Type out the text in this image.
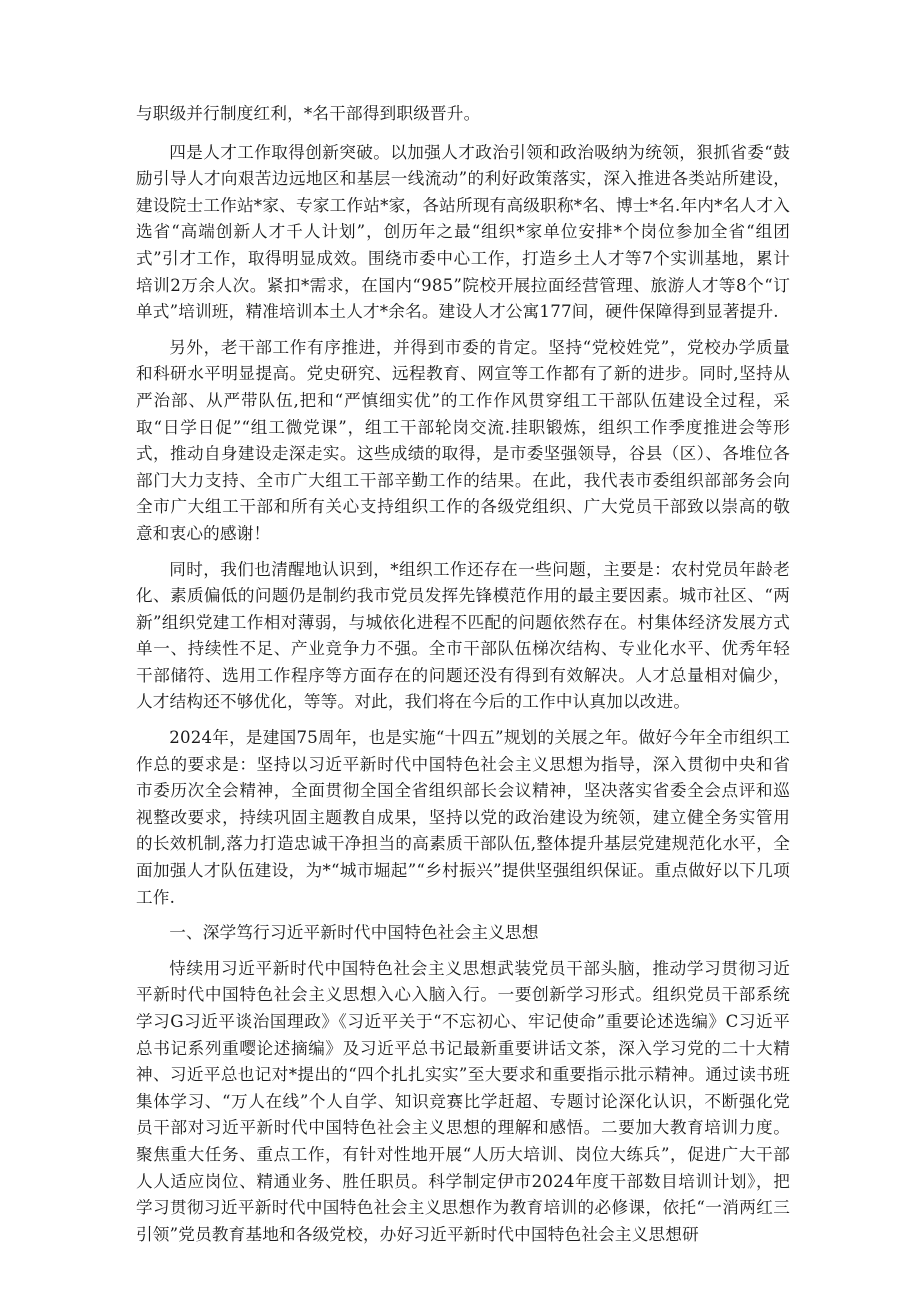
与职级并行制度红利，*名干部得到职级晋升。

四是人才工作取得创新突破。以加强人才政治引领和政治吸纳为统领，狠抓省委“鼓励引导人才向艰苦边远地区和基层一线流动”的利好政策落实，深入推进各类站所建设，建设院士工作站*家、专家工作站*家，各站所现有高级职称*名、博士*名.年内*名人才入选省“高端创新人才千人计划”，创历年之最“组织*家单位安排*个岗位参加全省“组团式”引才工作，取得明显成效。围绕市委中心工作，打造乡土人才等7个实训基地，累计培训2万余人次。紧扣*需求，在国内“985”院校开展拉面经营管理、旅游人才等8个“订单式”培训班，精准培训本土人才*余名。建设人才公寓177间，硬件保障得到显著提升.

另外，老干部工作有序推进，并得到市委的肯定。坚持“党校姓党”，党校办学质量和科研水平明显提高。党史研究、远程教育、网宣等工作都有了新的进步。同时,坚持从严治部、从严带队伍,把和“严慎细实优”的工作作风贯穿组工干部队伍建设全过程，采取“日学日促”“组工微党课”，组工干部轮岗交流.挂职锻炼，组织工作季度推进会等形式，推动自身建设走深走实。这些成绩的取得，是市委坚强领导，谷县（区）、各堆位各部门大力支持、全市广大组工干部辛勤工作的结果。在此，我代表市委组织部部务会向全市广大组工干部和所有关心支持组织工作的各级党组织、广大党员干部致以崇高的敬意和衷心的感谢！

同时，我们也清醒地认识到，*组织工作还存在一些问题，主要是：农村党员年龄老化、素质偏低的问题仍是制约我市党员发挥先锋模范作用的最主要因素。城市社区、“两新”组织党建工作相对薄弱，与城依化进程不匹配的问题依然存在。村集体经济发展方式单一、持续性不足、产业竞争力不强。全市干部队伍梯次结构、专业化水平、优秀年轻干部储符、选用工作程序等方面存在的问题还没有得到有效解决。人才总量相对偏少，人才结构还不够优化，等等。对此，我们将在今后的工作中认真加以改进。

2024年，是建国75周年，也是实施“十四五”规划的关展之年。做好今年全市组织工作总的要求是：坚持以习近平新时代中国特色社会主义思想为指导，深入贯彻中央和省市委历次全会精神，全面贯彻全国全省组织部长会议精神，坚决落实省委全会点评和巡视整改要求，持续巩固主题教自成果，坚持以党的政治建设为统领，建立健全务实管用的长效机制,落力打造忠诚干净担当的高素质干部队伍,整体提升基层党建规范化水平，全面加强人才队伍建设，为*“城市堀起”“乡村振兴”提供坚强组织保证。重点做好以下几项工作.

一、深学笃行习近平新时代中国特色社会主义思想

恃续用习近平新时代中国特色社会主义思想武装党员干部头脑，推动学习贯彻习近平新时代中国特色社会主义思想入心入脑入行。一要创新学习形式。组织党员干部系统学习G习近平谈治国理政》《习近平关于“不忘初心、牢记使命”重要论述选编》C习近平总书记系列重嘤论述摘编》及习近平总书记最新重要讲话文茶，深入学习党的二十大精神、习近平总也记对*提出的“四个扎扎实实”至大要求和重要指示批示精神。通过读书班集体学习、“万人在线”个人自学、知识竞赛比学赶超、专题讨论深化认识，不断强化党员干部对习近平新时代中国特色社会主义思想的理解和感悟。二要加大教育培训力度。聚焦重大任务、重点工作，有针对性地开展“人历大培训、岗位大练兵”，促进广大干部人人适应岗位、精通业务、胜任职员。科学制定伊市2024年度干部数目培训计划》，把学习贯彻习近平新时代中国特色社会主义思想作为教育培训的必修课，依托“一消两红三引领”党员教育基地和各级党校，办好习近平新时代中国特色社会主义思想研
